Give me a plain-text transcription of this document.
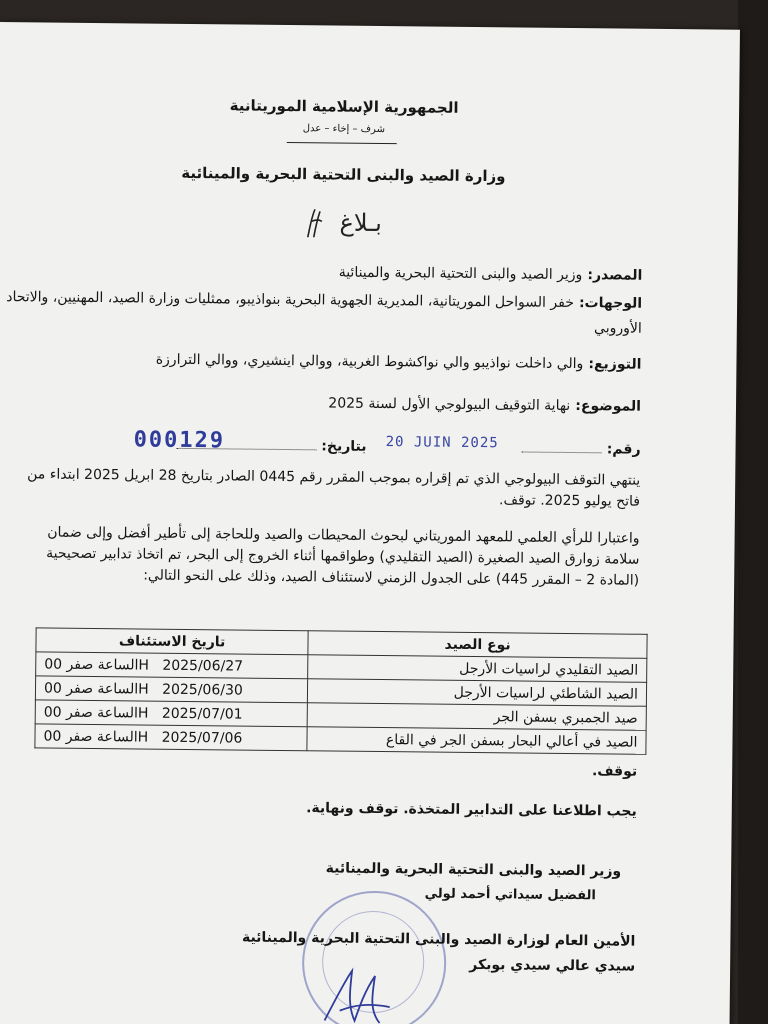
الجمهورية الإسلامية الموريتانية
شرف – إخاء – عدل
وزارة الصيد والبنى التحتية البحرية والمينائية
بـلاغ
المصدر: وزير الصيد والبنى التحتية البحرية والمينائية
الوجهات: خفر السواحل الموريتانية، المديرية الجهوية البحرية بنواذيبو، ممثليات وزارة الصيد، المهنيين، والاتحاد الأوروبي
التوزيع: والي داخلت نواذيبو والي نواكشوط الغربية، ووالي اينشيري، ووالي الترارزة
الموضوع: نهاية التوقيف البيولوجي الأول لسنة 2025
رقم:  بتاريخ:
000129	20 JUIN 2025
ينتهي التوقف البيولوجي الذي تم إقراره بموجب المقرر رقم 0445 الصادر بتاريخ 28 ابريل 2025 ابتداء من فاتح يوليو 2025. توقف.
واعتبارا للرأي العلمي للمعهد الموريتاني لبحوث المحيطات والصيد وللحاجة إلى تأطير أفضل وإلى ضمان سلامة زوارق الصيد الصغيرة (الصيد التقليدي) وطواقمها أثناء الخروج إلى البحر، تم اتخاذ تدابير تصحيحية (المادة 2 – المقرر 445) على الجدول الزمني لاستئناف الصيد، وذلك على النحو التالي:
نوع الصيد	تاريخ الاستئناف
الصيد التقليدي لراسيات الأرجل	الساعة صفر 00H 2025/06/27
الصيد الشاطئي لراسيات الأرجل	الساعة صفر 00H 2025/06/30
صيد الجمبري بسفن الجر	الساعة صفر 00H 2025/07/01
الصيد في أعالي البحار بسفن الجر في القاع	الساعة صفر 00H 2025/07/06
توقف.
يجب اطلاعنا على التدابير المتخذة. توقف ونهاية.
وزير الصيد والبنى التحتية البحرية والمينائية
الفضيل سيداتي أحمد لولي
الأمين العام لوزارة الصيد والبنى التحتية البحرية والمينائية
سيدي عالي سيدي بوبكر
